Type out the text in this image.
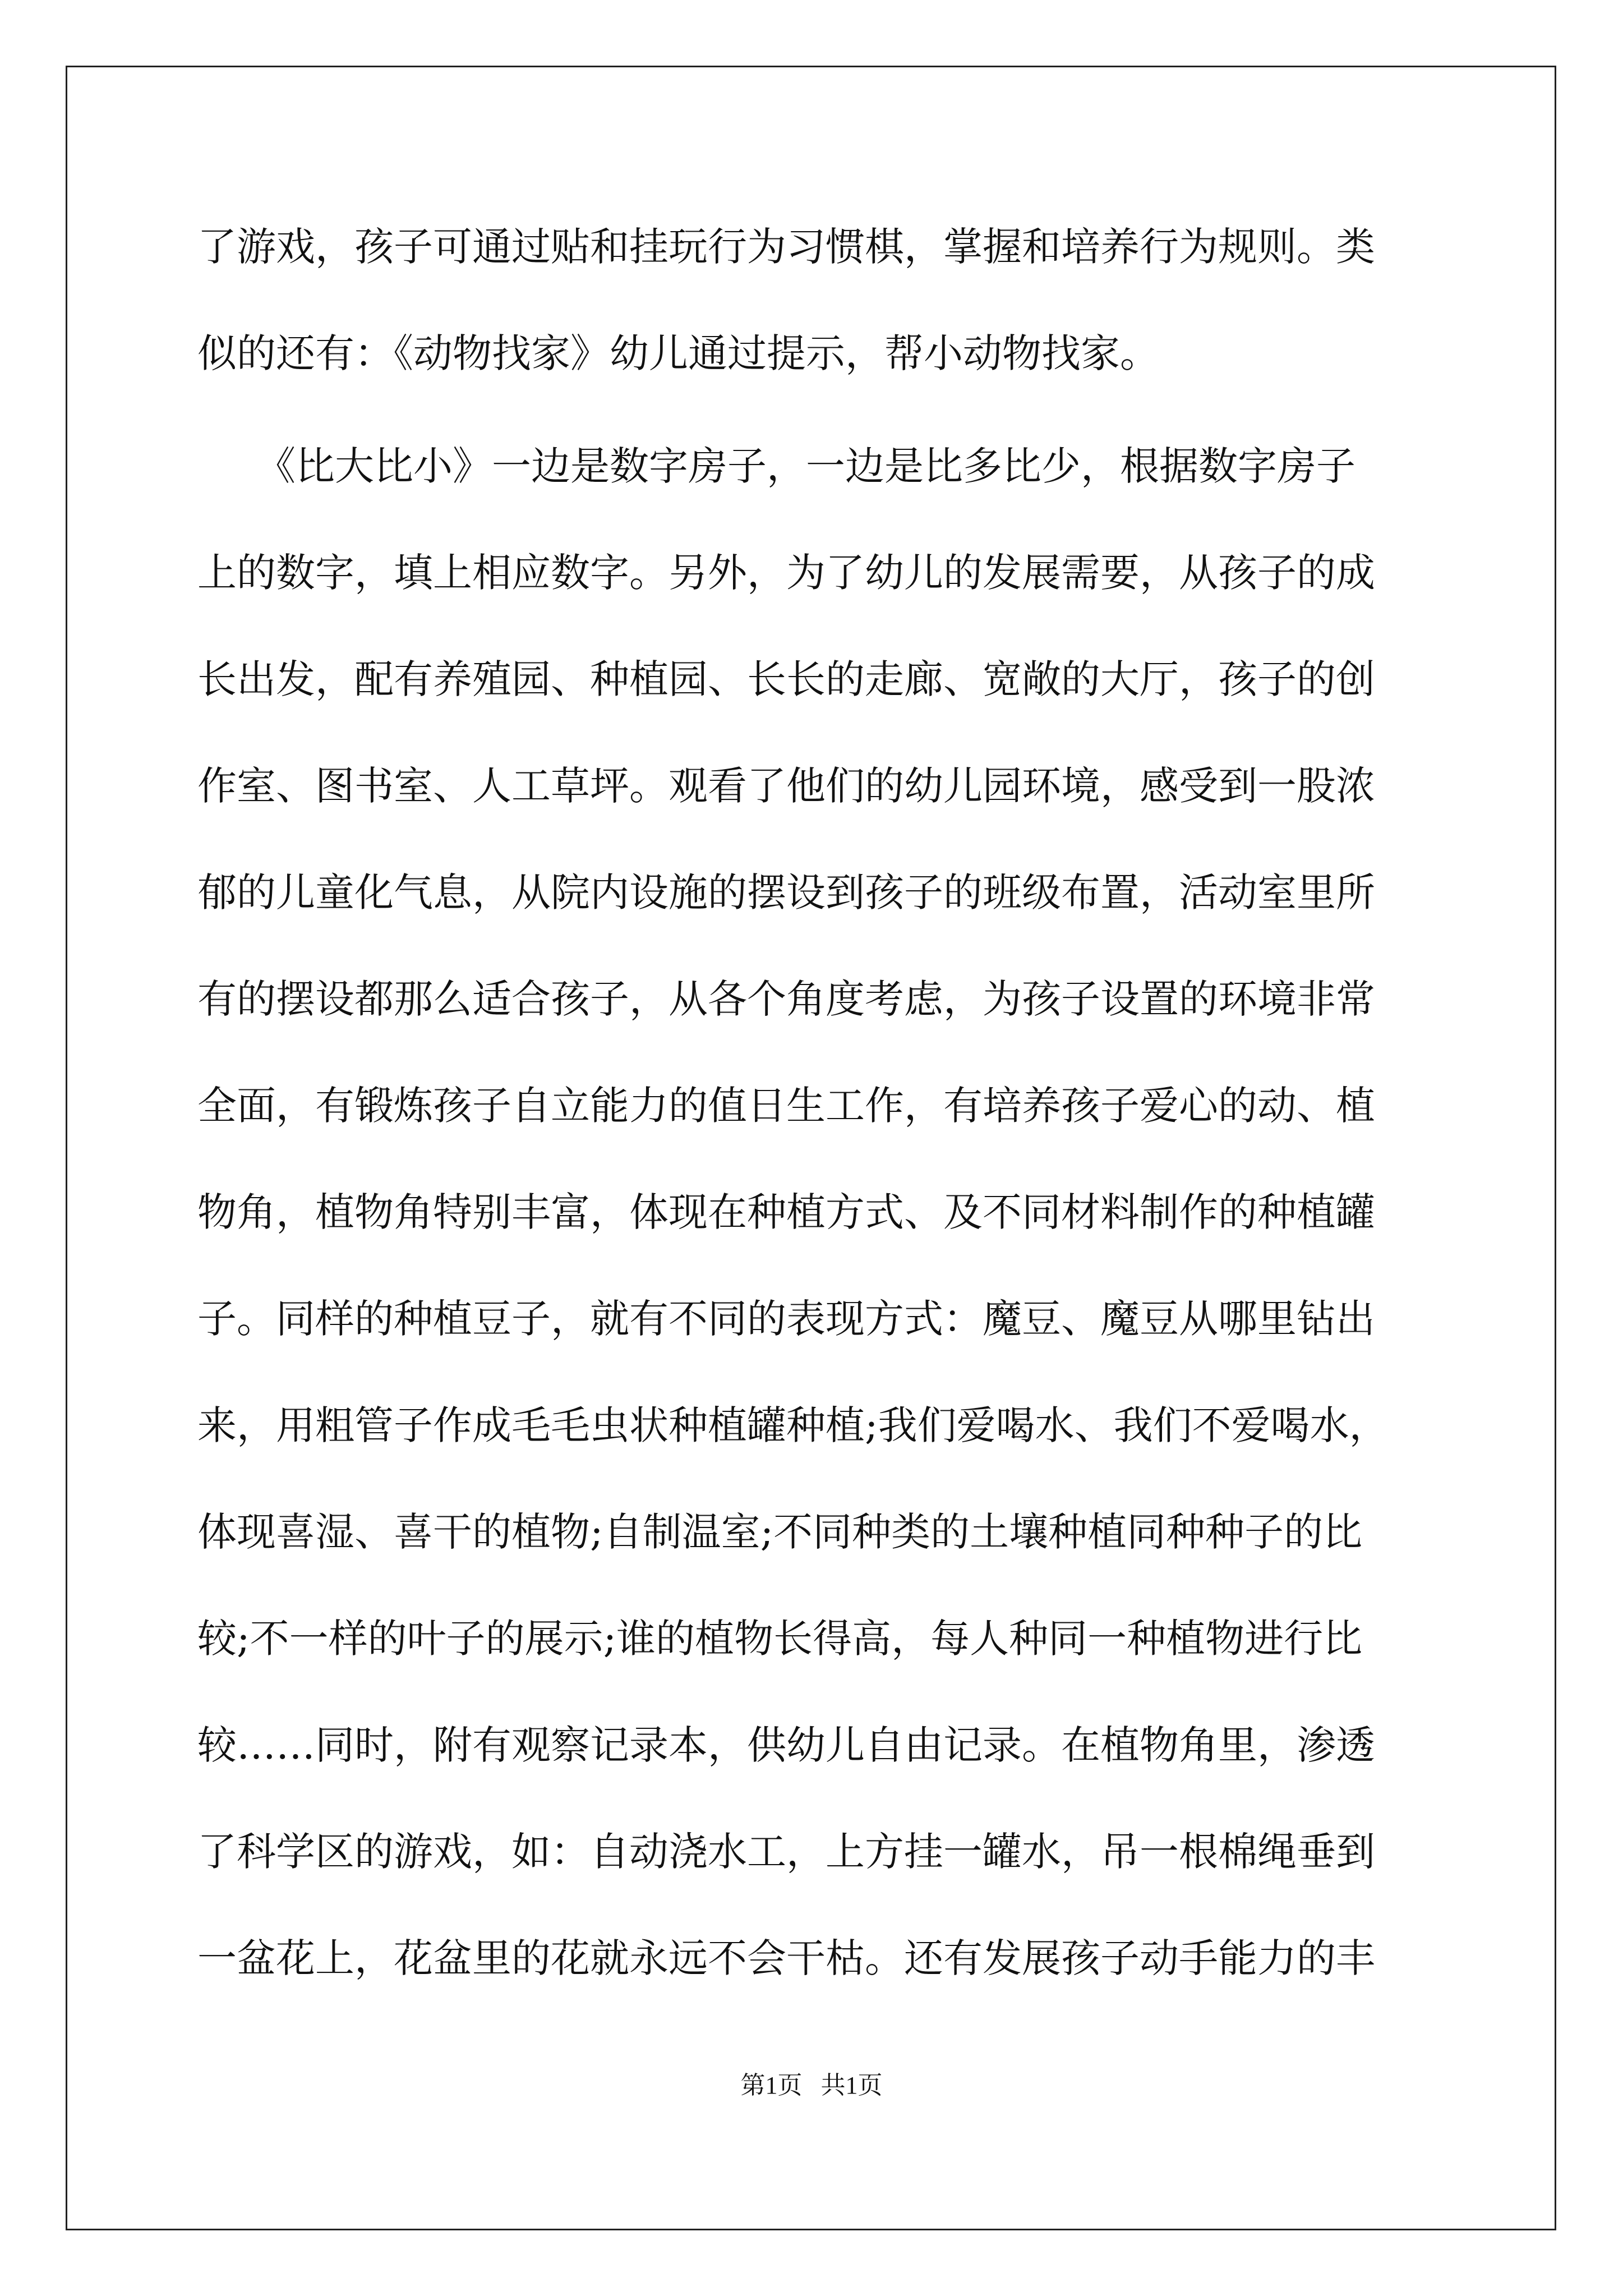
了游戏，孩子可通过贴和挂玩行为习惯棋，掌握和培养行为规则。类
似的还有：《动物找家》幼儿通过提示，帮小动物找家。
　　《比大比小》一边是数字房子，一边是比多比少，根据数字房子
上的数字，填上相应数字。另外，为了幼儿的发展需要，从孩子的成
长出发，配有养殖园、种植园、长长的走廊、宽敞的大厅，孩子的创
作室、图书室、人工草坪。观看了他们的幼儿园环境，感受到一股浓
郁的儿童化气息，从院内设施的摆设到孩子的班级布置，活动室里所
有的摆设都那么适合孩子，从各个角度考虑，为孩子设置的环境非常
全面，有锻炼孩子自立能力的值日生工作，有培养孩子爱心的动、植
物角，植物角特别丰富，体现在种植方式、及不同材料制作的种植罐
子。同样的种植豆子，就有不同的表现方式：魔豆、魔豆从哪里钻出
来，用粗管子作成毛毛虫状种植罐种植;我们爱喝水、我们不爱喝水，
体现喜湿、喜干的植物;自制温室;不同种类的土壤种植同种种子的比
较;不一样的叶子的展示;谁的植物长得高，每人种同一种植物进行比
较……同时，附有观察记录本，供幼儿自由记录。在植物角里，渗透
了科学区的游戏，如：自动浇水工，上方挂一罐水，吊一根棉绳垂到
一盆花上，花盆里的花就永远不会干枯。还有发展孩子动手能力的丰
第1页 共1页
